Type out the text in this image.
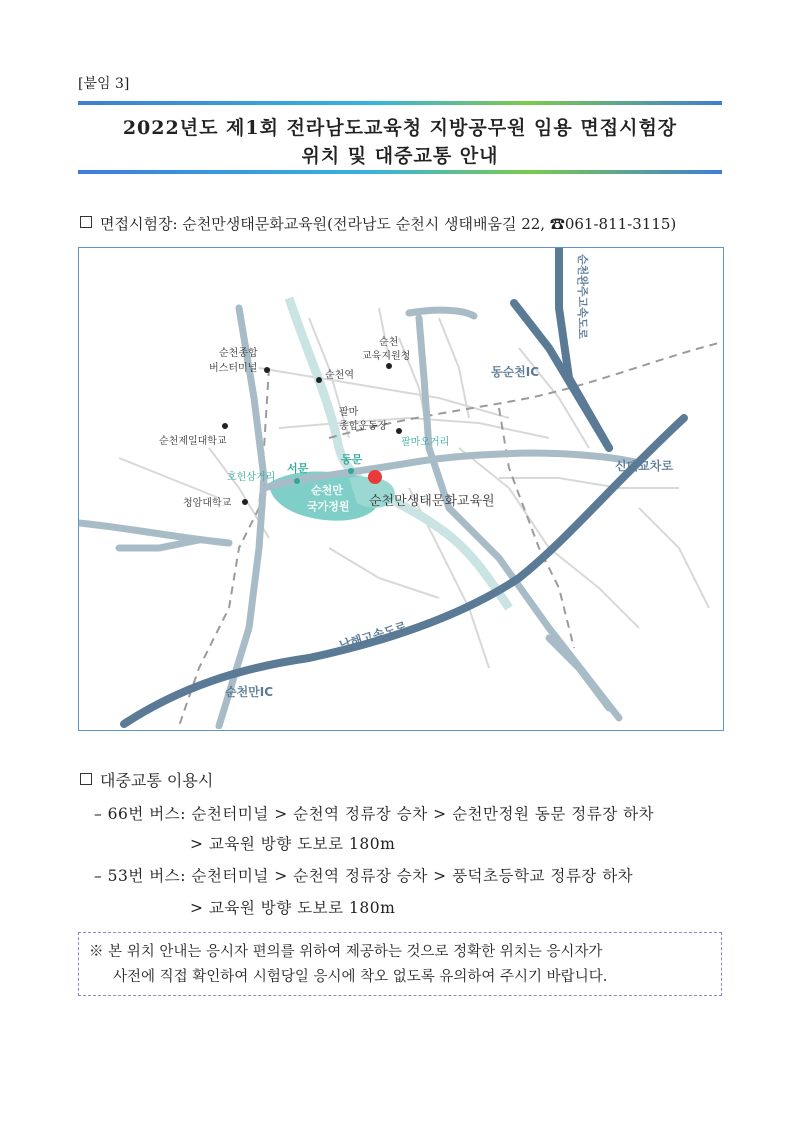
[붙임 3]
2022년도 제1회 전라남도교육청 지방공무원 임용 면접시험장
위치 및 대중교통 안내
면접시험장: 순천만생태문화교육원(전라남도 순천시 생태배움길 22, ☎061-811-3115)
순천완주고속도로
동순천IC
순천종합
버스터미널
순천역
순천
교육지원청
팔마
종합운동장
팔마오거리
순천제일대학교
호헌삼거리
서문
동문
순천만
국가정원 순천만생태문화교육원
청암대학교
신대교차로
남해고속도로
순천만IC
대중교통 이용시
– 66번 버스: 순천터미널 > 순천역 정류장 승차 > 순천만정원 동문 정류장 하차
> 교육원 방향 도보로 180m
– 53번 버스: 순천터미널 > 순천역 정류장 승차 > 풍덕초등학교 정류장 하차
> 교육원 방향 도보로 180m
※ 본 위치 안내는 응시자 편의를 위하여 제공하는 것으로 정확한 위치는 응시자가
사전에 직접 확인하여 시험당일 응시에 착오 없도록 유의하여 주시기 바랍니다.
